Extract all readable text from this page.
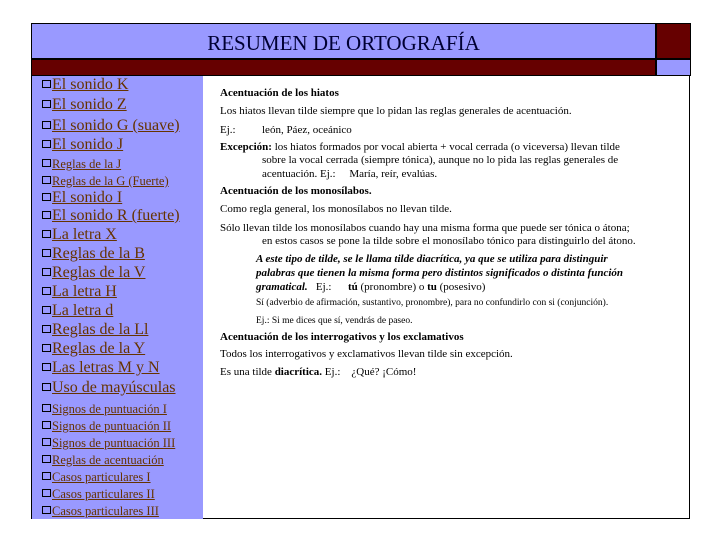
RESUMEN DE ORTOGRAFÍA
El sonido K
El sonido Z
El sonido G (suave)
El sonido J
Reglas de la J
Reglas de la G (Fuerte)
El sonido I
El sonido R (fuerte)
La letra X
Reglas de la B
Reglas de la V
La letra H
La letra d
Reglas de la Ll
Reglas de la Y
Las letras M y N
Uso de mayúsculas
Signos de puntuación I
Signos de puntuación II
Signos de puntuación III
Reglas de acentuación
Casos particulares I
Casos particulares II
Casos particulares III
Acentuación de los hiatos
Los hiatos llevan tilde siempre que lo pidan las reglas generales de acentuación.
Ej.: león, Páez, oceánico
Excepción: los hiatos formados por vocal abierta + vocal cerrada (o viceversa) llevan tilde
sobre la vocal cerrada (siempre tónica), aunque no lo pida las reglas generales de
acentuación. Ej.: María, reír, evalúas.
Acentuación de los monosílabos.
Como regla general, los monosílabos no llevan tilde.
Sólo llevan tilde los monosílabos cuando hay una misma forma que puede ser tónica o átona;
en estos casos se pone la tilde sobre el monosílabo tónico para distinguirlo del átono.
A este tipo de tilde, se le llama tilde diacrítica, ya que se utiliza para distinguir
palabras que tienen la misma forma pero distintos significados o distinta función
gramatical. Ej.: tú (pronombre) o tu (posesivo)
Sí (adverbio de afirmación, sustantivo, pronombre), para no confundirlo con si (conjunción).
Ej.: Si me dices que sí, vendrás de paseo.
Acentuación de los interrogativos y los exclamativos
Todos los interrogativos y exclamativos llevan tilde sin excepción.
Es una tilde diacrítica. Ej.: ¿Qué? ¡Cómo!
